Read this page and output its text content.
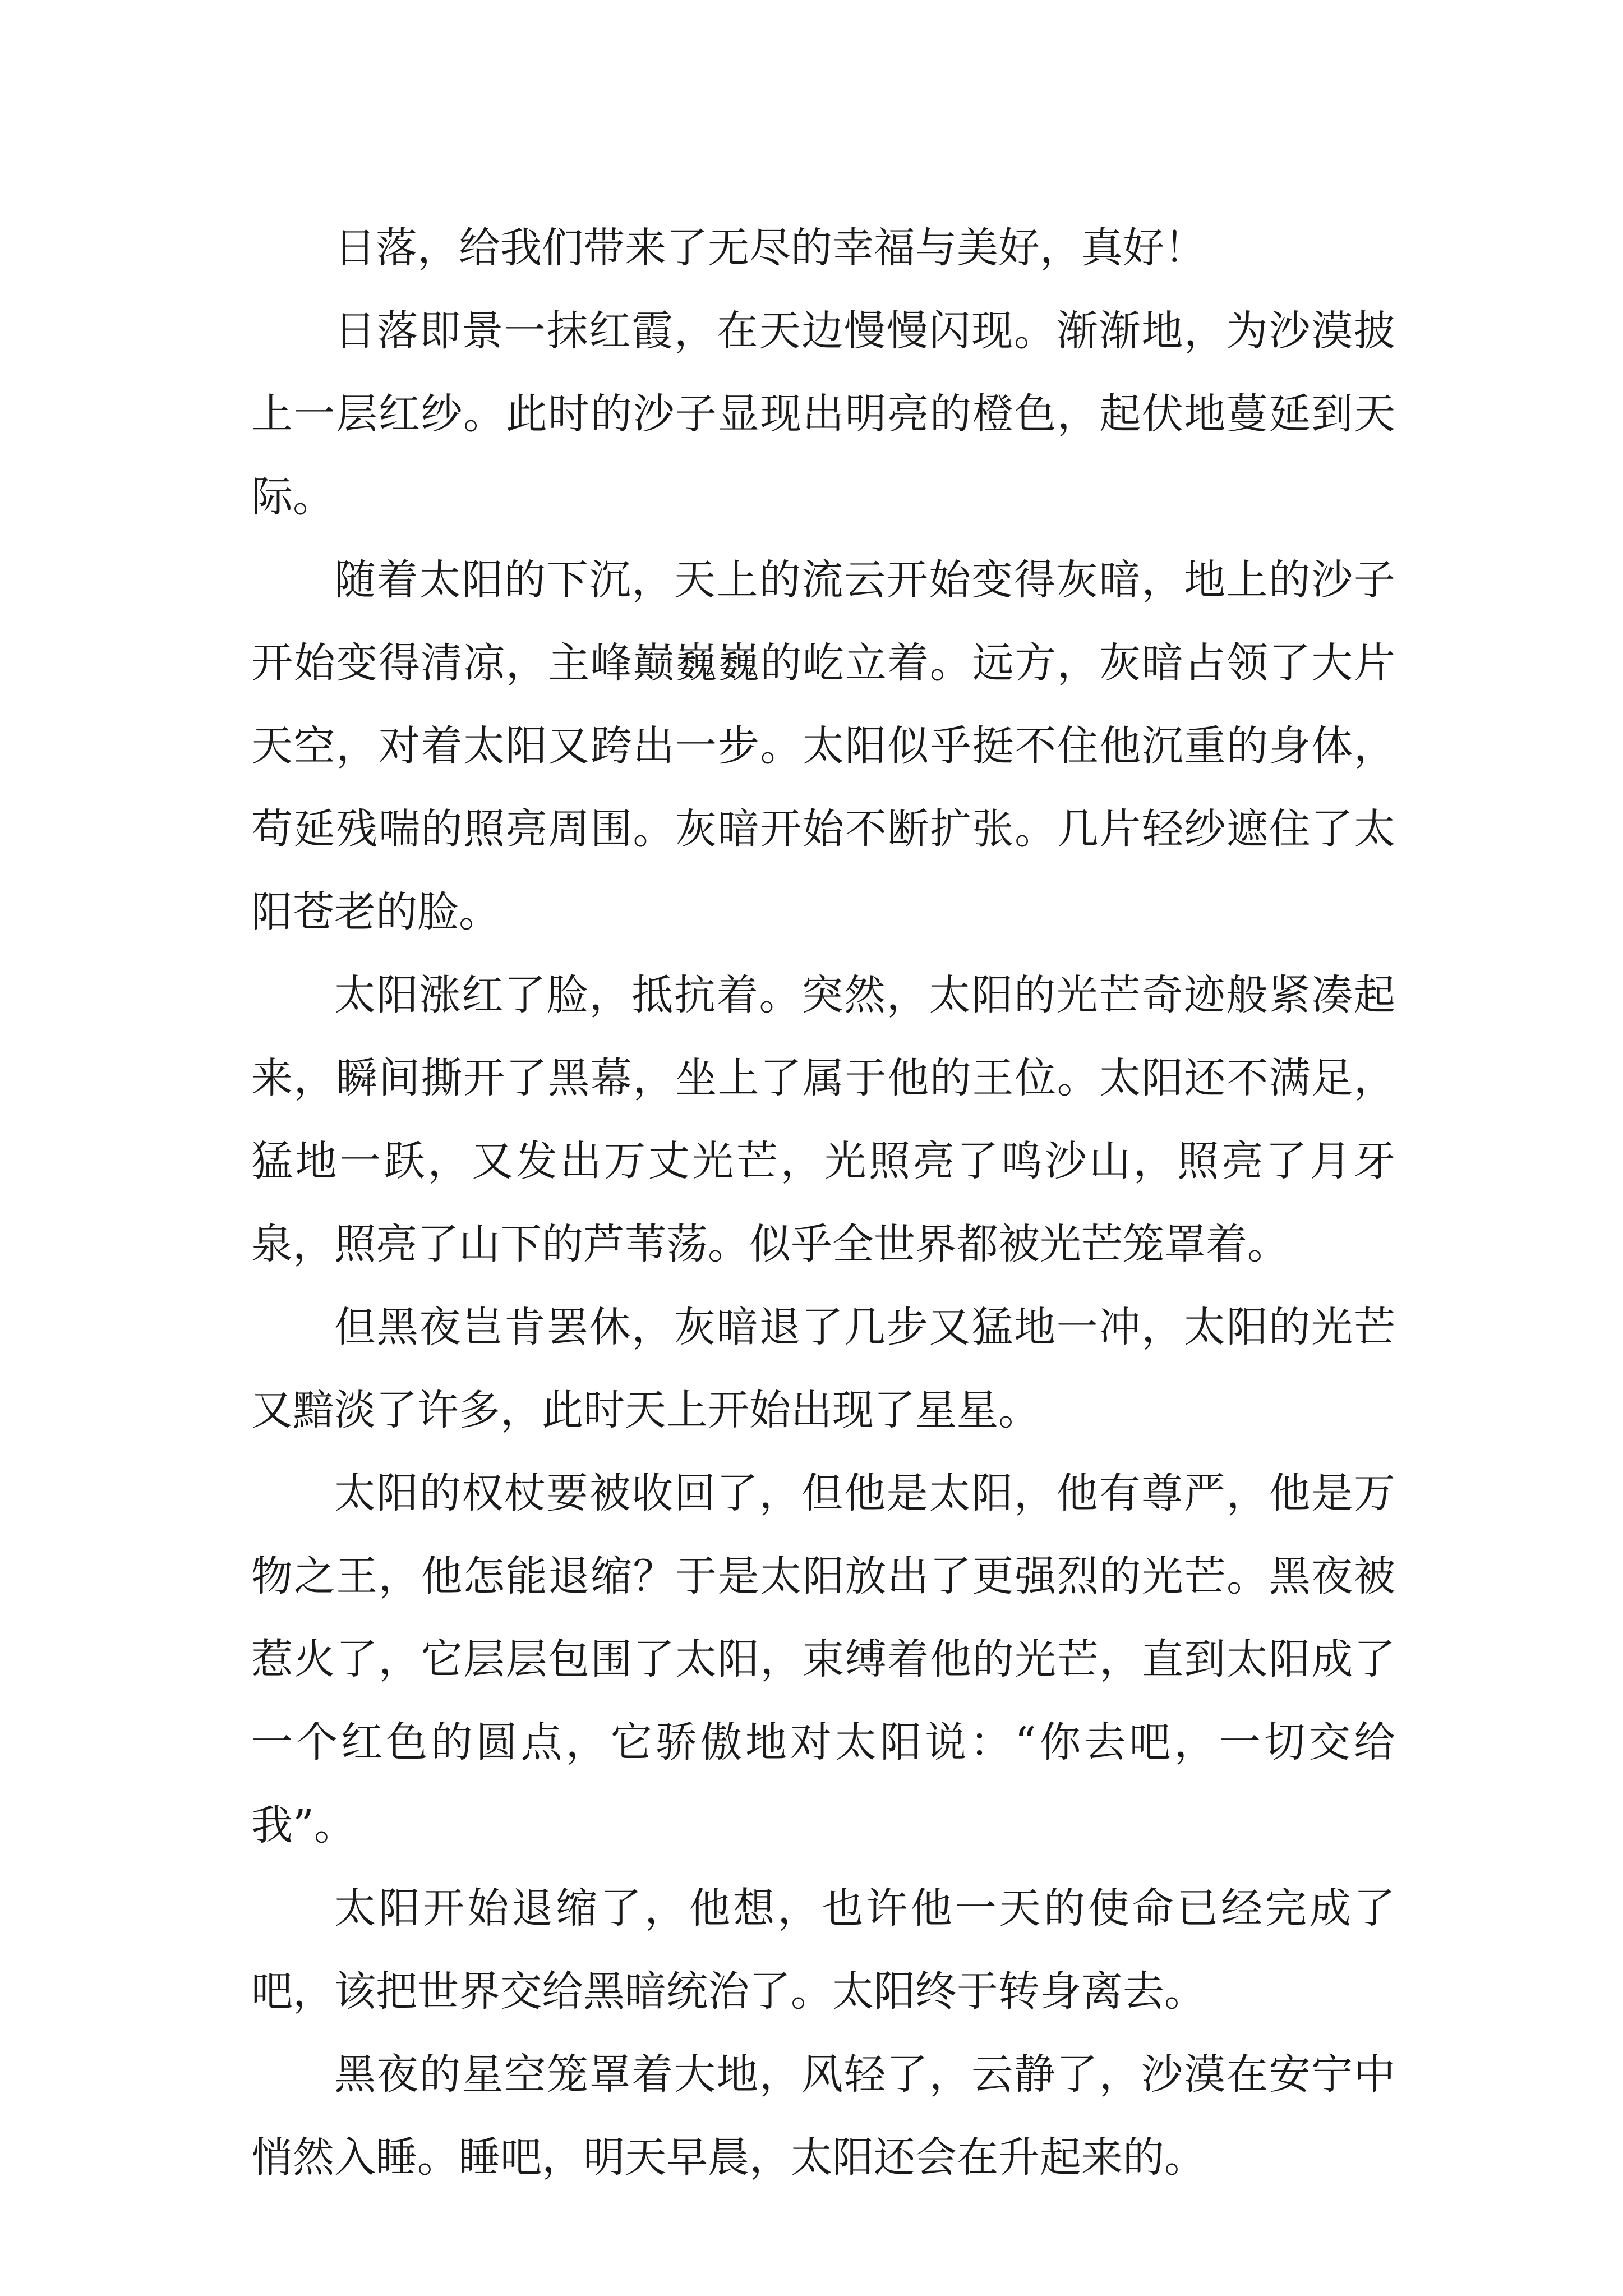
日落，给我们带来了无尽的幸福与美好，真好！

日落即景一抹红霞，在天边慢慢闪现。渐渐地，为沙漠披上一层红纱。此时的沙子显现出明亮的橙色，起伏地蔓延到天际。

随着太阳的下沉，天上的流云开始变得灰暗，地上的沙子开始变得清凉，主峰巅巍巍的屹立着。远方，灰暗占领了大片天空，对着太阳又跨出一步。太阳似乎挺不住他沉重的身体，苟延残喘的照亮周围。灰暗开始不断扩张。几片轻纱遮住了太阳苍老的脸。

太阳涨红了脸，抵抗着。突然，太阳的光芒奇迹般紧凑起来，瞬间撕开了黑幕，坐上了属于他的王位。太阳还不满足，猛地一跃，又发出万丈光芒，光照亮了鸣沙山，照亮了月牙泉，照亮了山下的芦苇荡。似乎全世界都被光芒笼罩着。

但黑夜岂肯罢休，灰暗退了几步又猛地一冲，太阳的光芒又黯淡了许多，此时天上开始出现了星星。

太阳的权杖要被收回了，但他是太阳，他有尊严，他是万物之王，他怎能退缩？于是太阳放出了更强烈的光芒。黑夜被惹火了，它层层包围了太阳，束缚着他的光芒，直到太阳成了一个红色的圆点，它骄傲地对太阳说：“你去吧，一切交给我”。

太阳开始退缩了，他想，也许他一天的使命已经完成了吧，该把世界交给黑暗统治了。太阳终于转身离去。

黑夜的星空笼罩着大地，风轻了，云静了，沙漠在安宁中悄然入睡。睡吧，明天早晨，太阳还会在升起来的。
